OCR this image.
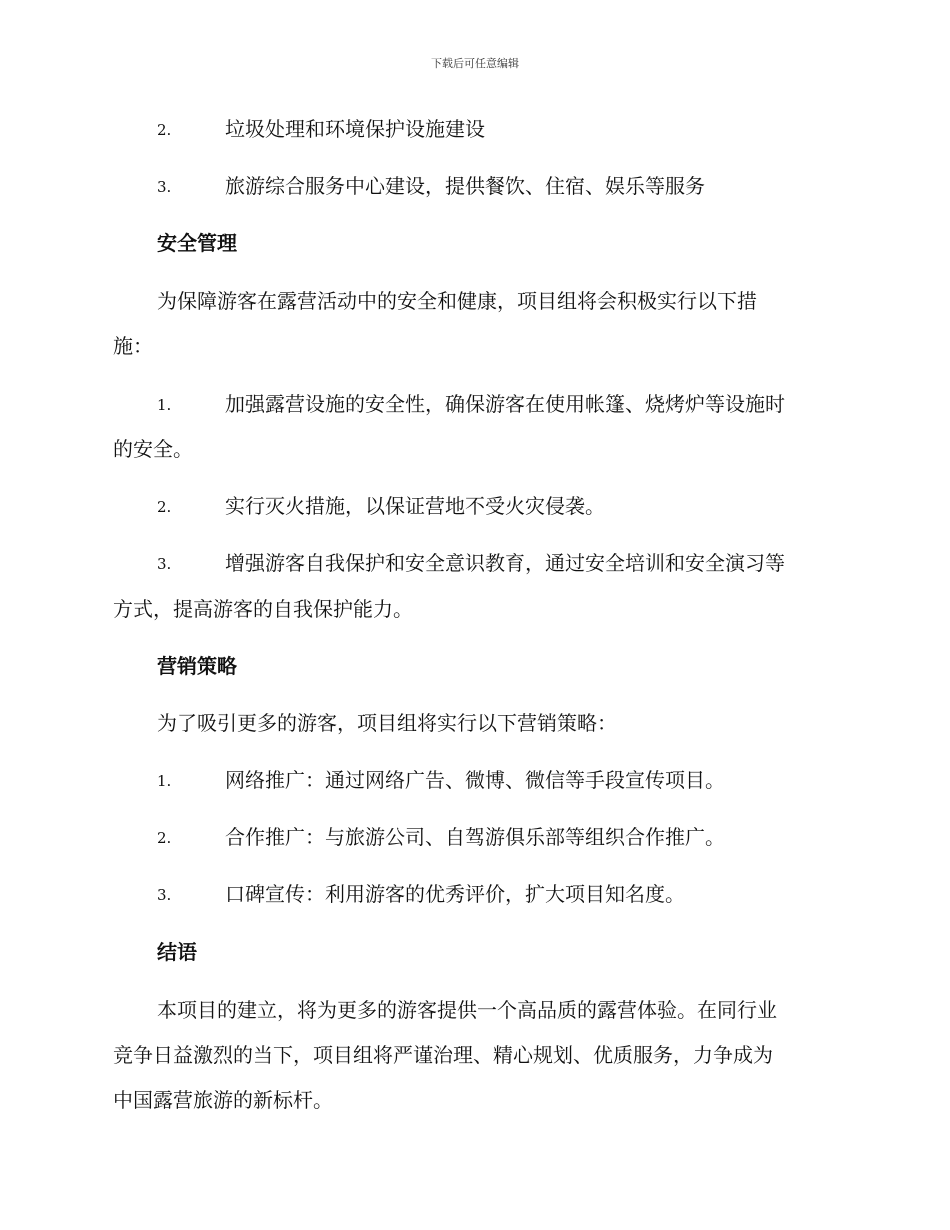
下载后可任意编辑
2.	垃圾处理和环境保护设施建设
3.	旅游综合服务中心建设，提供餐饮、住宿、娱乐等服务
安全管理
为保障游客在露营活动中的安全和健康，项目组将会积极实行以下措
施：
1.	加强露营设施的安全性，确保游客在使用帐篷、烧烤炉等设施时
的安全。
2.	实行灭火措施，以保证营地不受火灾侵袭。
3.	增强游客自我保护和安全意识教育，通过安全培训和安全演习等
方式，提高游客的自我保护能力。
营销策略
为了吸引更多的游客，项目组将实行以下营销策略：
1.	网络推广：通过网络广告、微博、微信等手段宣传项目。
2.	合作推广：与旅游公司、自驾游俱乐部等组织合作推广。
3.	口碑宣传：利用游客的优秀评价，扩大项目知名度。
结语
本项目的建立，将为更多的游客提供一个高品质的露营体验。在同行业
竞争日益激烈的当下，项目组将严谨治理、精心规划、优质服务，力争成为
中国露营旅游的新标杆。
